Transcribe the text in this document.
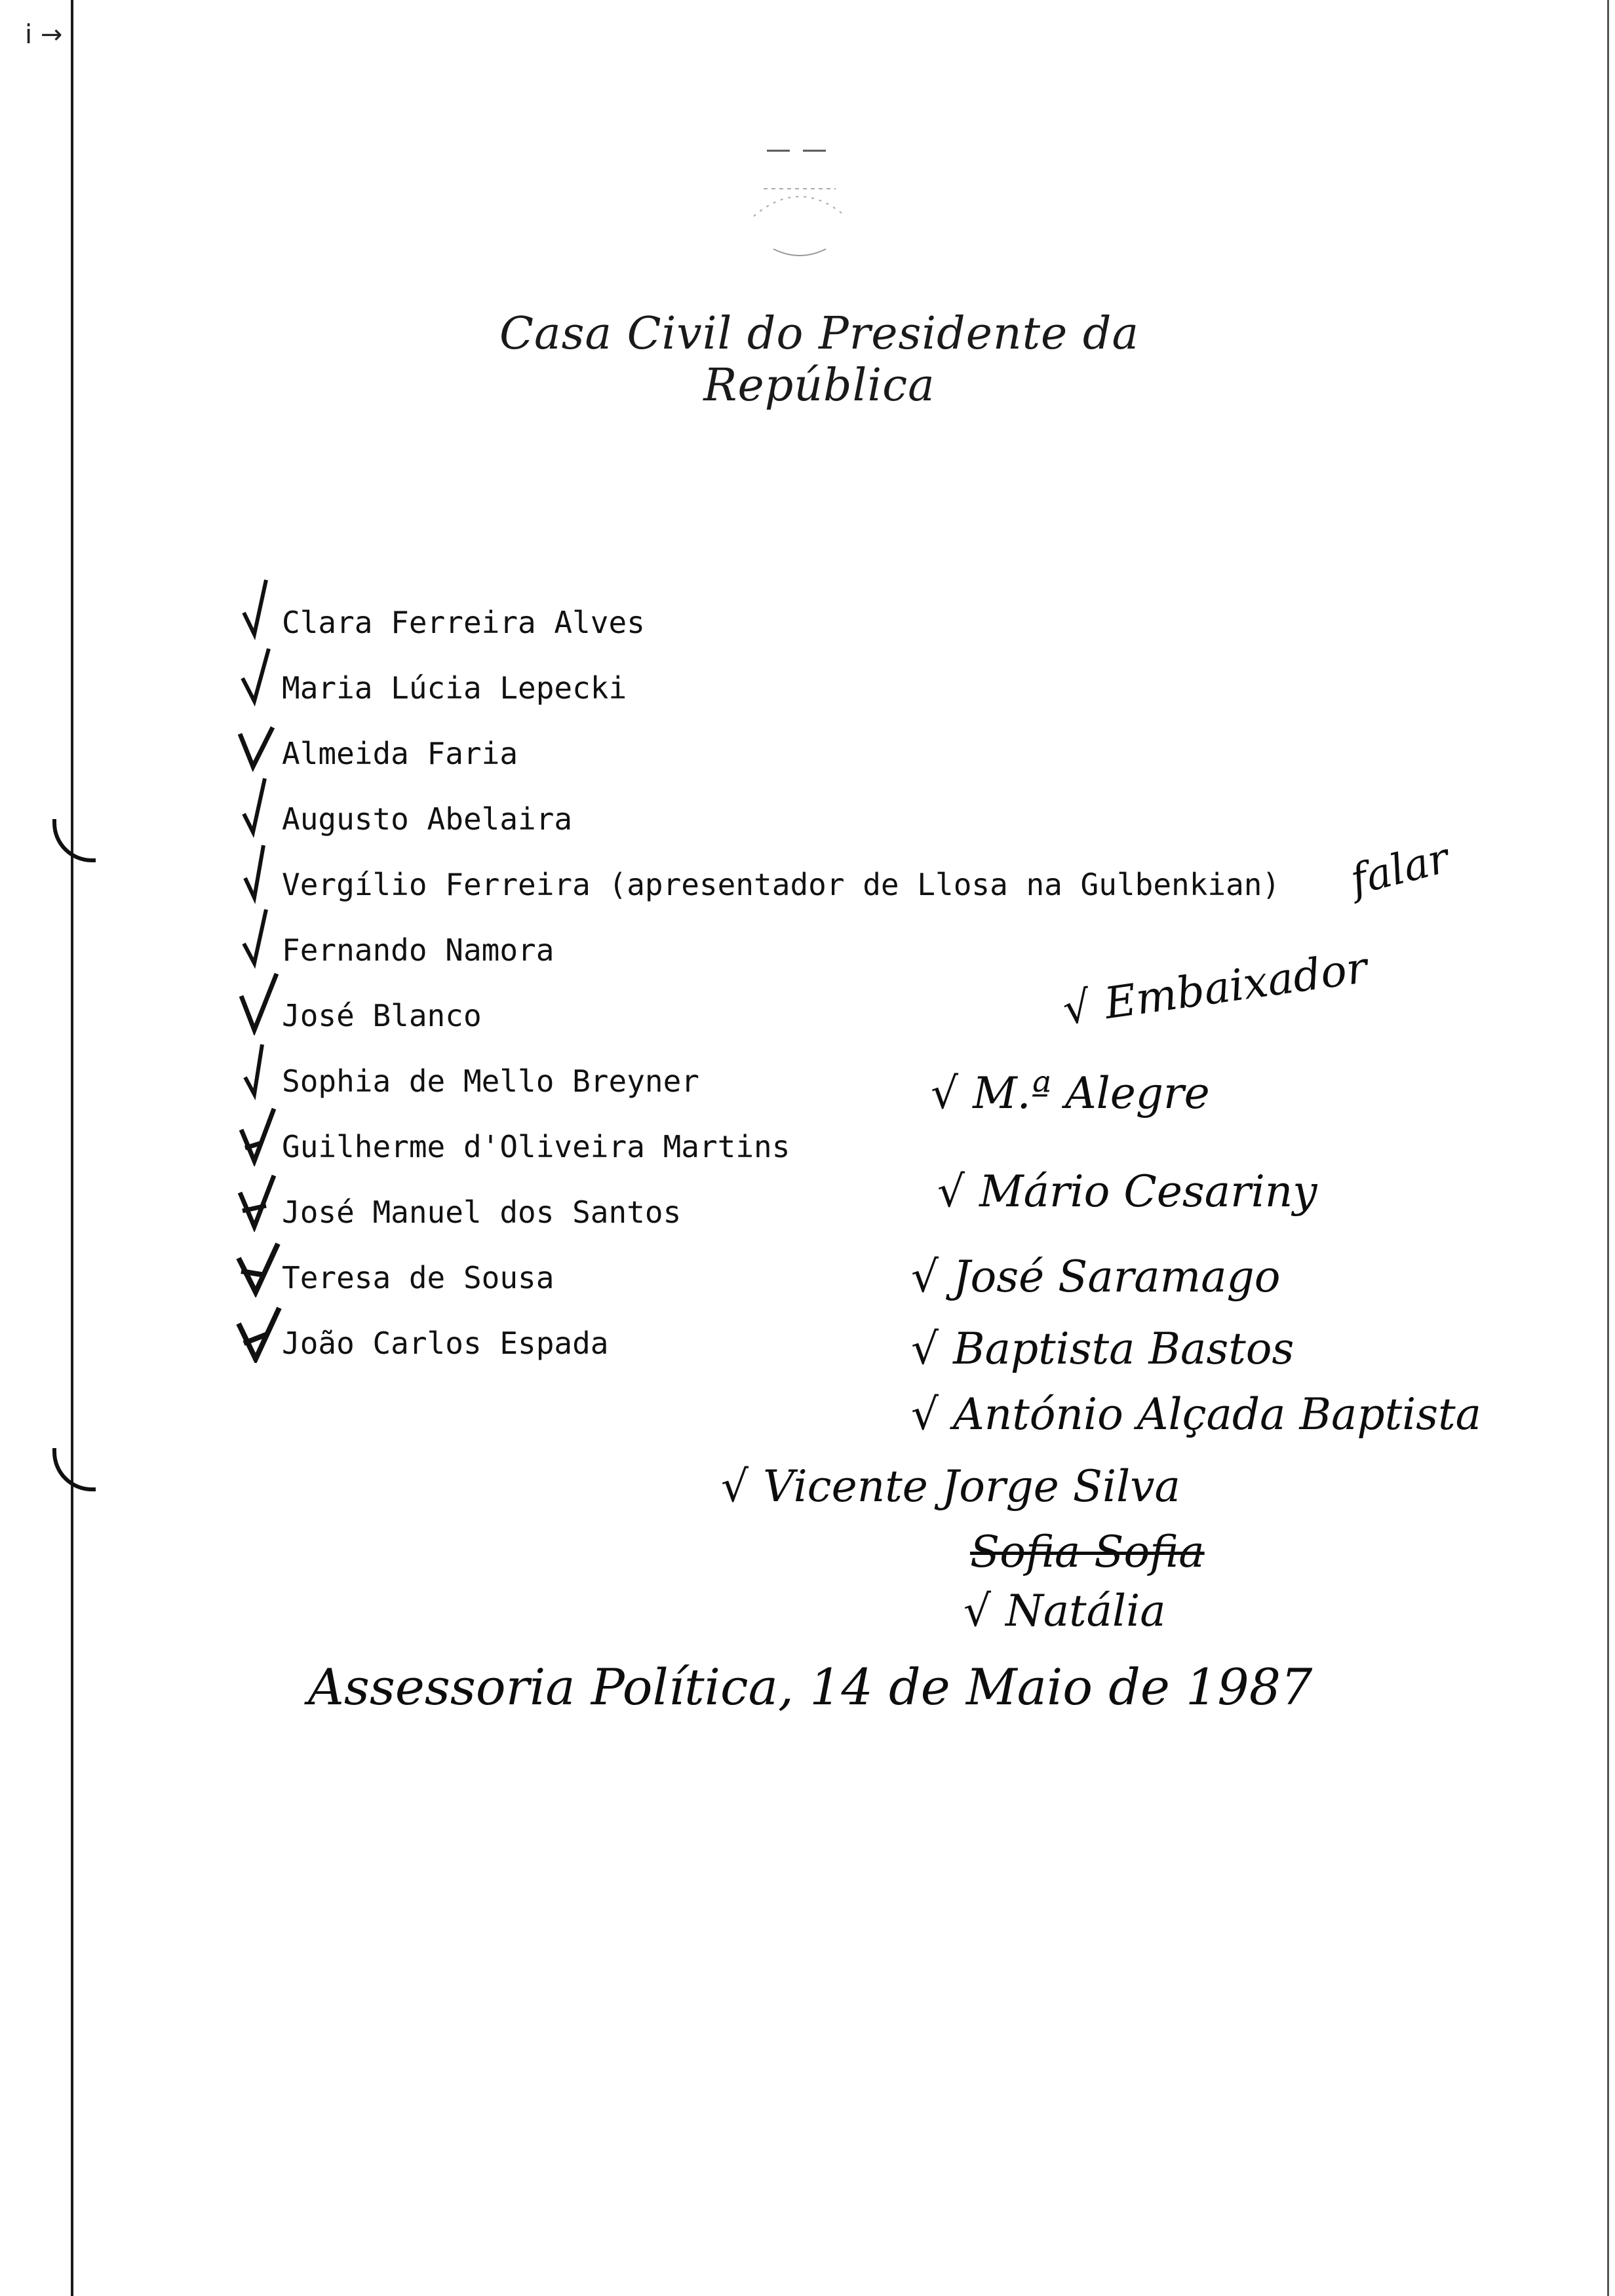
i →
Casa Civil do Presidente da República
Clara Ferreira Alves
Maria Lúcia Lepecki
Almeida Faria
Augusto Abelaira
Vergílio Ferreira (apresentador de Llosa na Gulbenkian)
Fernando Namora
José Blanco
Sophia de Mello Breyner
Guilherme d'Oliveira Martins
José Manuel dos Santos
Teresa de Sousa
João Carlos Espada
falar
√ Embaixador
√ M.ª Alegre
√ Mário Cesariny
√ José Saramago
√ Baptista Bastos
√ António Alçada Baptista
√ Vicente Jorge Silva
Sofia Sofia
√ Natália
Assessoria Política, 14 de Maio de 1987
